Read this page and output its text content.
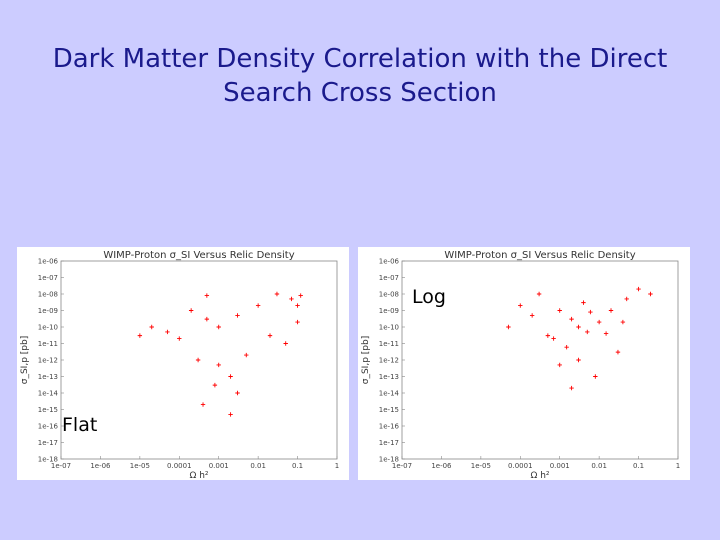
Dark Matter Density Correlation with the Direct
Search Cross Section
WIMP-Proton σ_SI Versus Relic Density
1e-06
1e-07
1e-08
1e-09
1e-10
1e-11
1e-12
1e-13
1e-14
1e-15
1e-16
1e-17
1e-18
1e-07	1e-06	1e-05 0.0001 0.001	0.01	0.1	1
Ω h²
σ_SI,p [pb]
WIMP-Proton σ_SI Versus Relic Density
1e-06
1e-07
1e-08
1e-09
1e-10
1e-11
1e-12
1e-13
1e-14
1e-15
1e-16
1e-17
1e-18
1e-07	1e-06	1e-05 0.0001 0.001	0.01	0.1	1
Ω h²
σ_SI,p [pb]
Log
Flat
